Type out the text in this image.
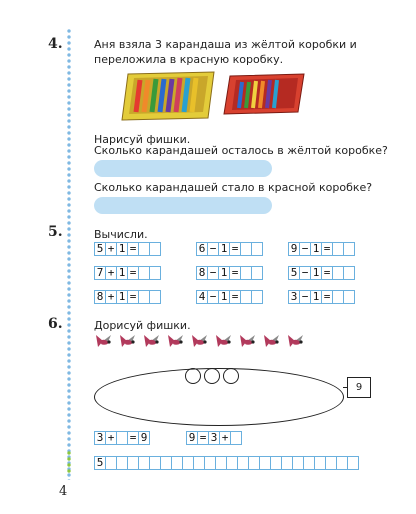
4.	Аня взяла 3 карандаша из жёлтой коробки и
переложила в красную коробку.
Нарисуй фишки.
Сколько карандашей осталось в жёлтой коробке?
Сколько карандашей стало в красной коробке?
5.	Вычисли.
5 + 1 =	6 − 1 =	9 − 1 =
7 + 1 =	8 − 1 =	5 − 1 =
8 + 1 =	4 − 1 =	3 − 1 =
6.	Дорисуй фишки.
9
3 + = 9	9 = 3 +
5
4
